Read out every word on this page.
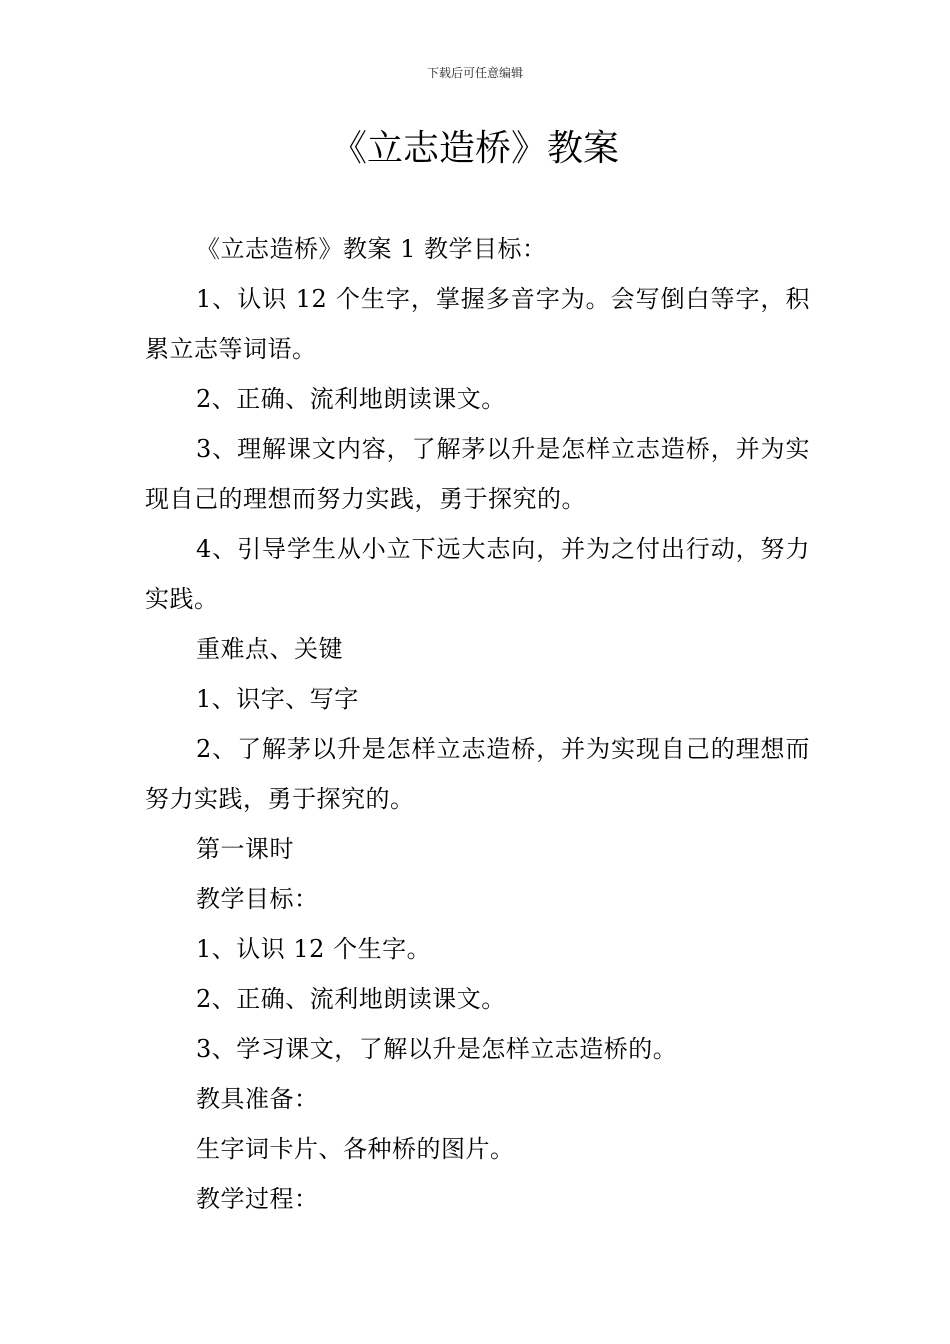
下载后可任意编辑
《立志造桥》教案

《立志造桥》教案 1 教学目标：

1、认识 12 个生字，掌握多音字为。会写倒白等字，积累立志等词语。

2、正确、流利地朗读课文。

3、理解课文内容，了解茅以升是怎样立志造桥，并为实现自己的理想而努力实践，勇于探究的。

4、引导学生从小立下远大志向，并为之付出行动，努力实践。

重难点、关键

1、识字、写字

2、了解茅以升是怎样立志造桥，并为实现自己的理想而努力实践，勇于探究的。

第一课时

教学目标：

1、认识 12 个生字。

2、正确、流利地朗读课文。

3、学习课文，了解以升是怎样立志造桥的。

教具准备：

生字词卡片、各种桥的图片。

教学过程：
